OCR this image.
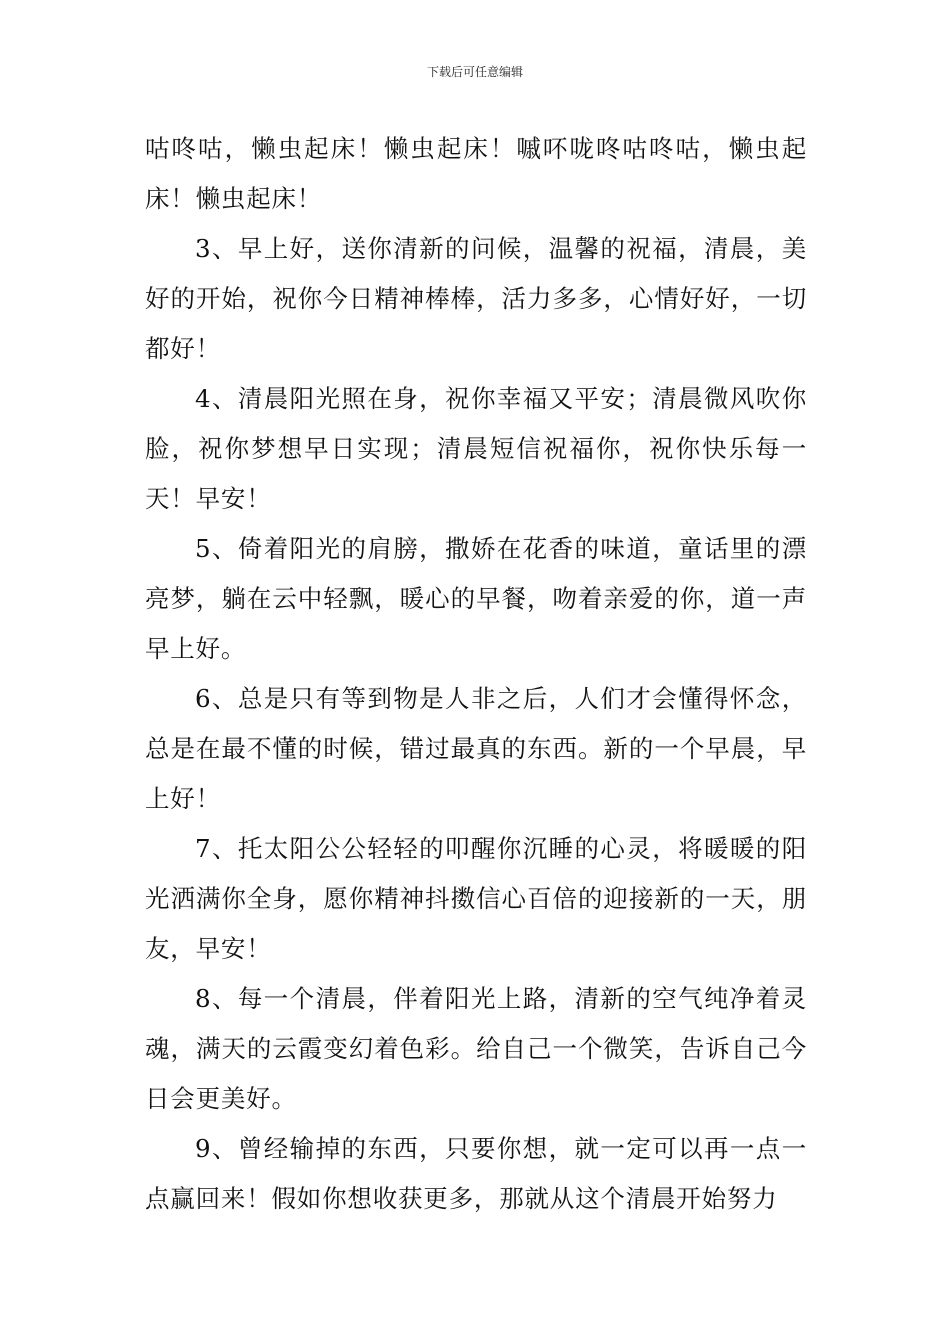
下载后可任意编辑

咕咚咕，懒虫起床！懒虫起床！嘁吥咙咚咕咚咕，懒虫起床！懒虫起床！

3、早上好，送你清新的问候，温馨的祝福，清晨，美好的开始，祝你今日精神棒棒，活力多多，心情好好，一切都好！

4、清晨阳光照在身，祝你幸福又平安；清晨微风吹你脸，祝你梦想早日实现；清晨短信祝福你，祝你快乐每一天！早安！

5、倚着阳光的肩膀，撒娇在花香的味道，童话里的漂亮梦，躺在云中轻飘，暖心的早餐，吻着亲爱的你，道一声早上好。

6、总是只有等到物是人非之后，人们才会懂得怀念，总是在最不懂的时候，错过最真的东西。新的一个早晨，早上好！

7、托太阳公公轻轻的叩醒你沉睡的心灵，将暖暖的阳光洒满你全身，愿你精神抖擞信心百倍的迎接新的一天，朋友，早安！

8、每一个清晨，伴着阳光上路，清新的空气纯净着灵魂，满天的云霞变幻着色彩。给自己一个微笑，告诉自己今日会更美好。

9、曾经输掉的东西，只要你想，就一定可以再一点一点赢回来！假如你想收获更多，那就从这个清晨开始努力
